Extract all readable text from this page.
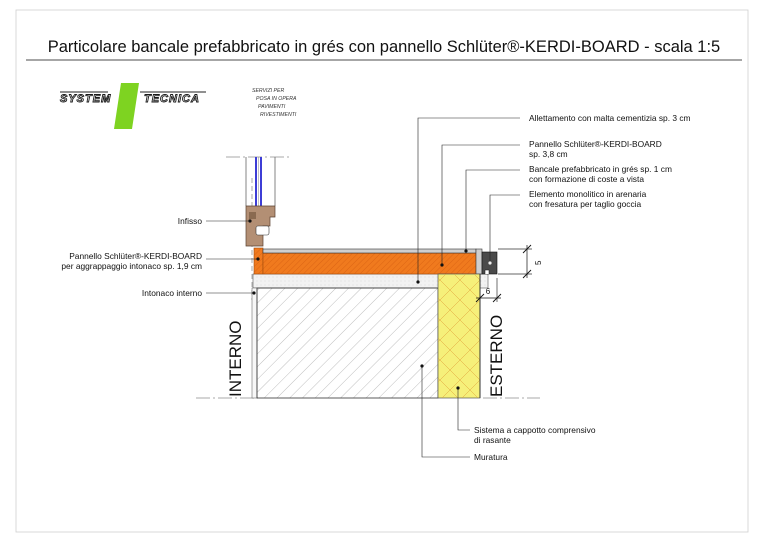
Particolare bancale prefabbricato in grés con pannello Schlüter®-KERDI-BOARD - scala 1:5
SYSTEM	TECNICA
SERVIZI PER
POSA IN OPERA
PAVIMENTI
RIVESTIMENTI
INTERNO	ESTERNO
5
6
Allettamento con malta cementizia sp. 3 cm
Pannello Schlüter®-KERDI-BOARD
sp. 3,8 cm
Bancale prefabbricato in grés sp. 1 cm
con formazione di coste a vista
Elemento monolitico in arenaria
con fresatura per taglio goccia
Infisso
Pannello Schlüter®-KERDI-BOARD
per aggrappaggio intonaco sp. 1,9 cm
Intonaco interno
Sistema a cappotto comprensivo
di rasante
Muratura
